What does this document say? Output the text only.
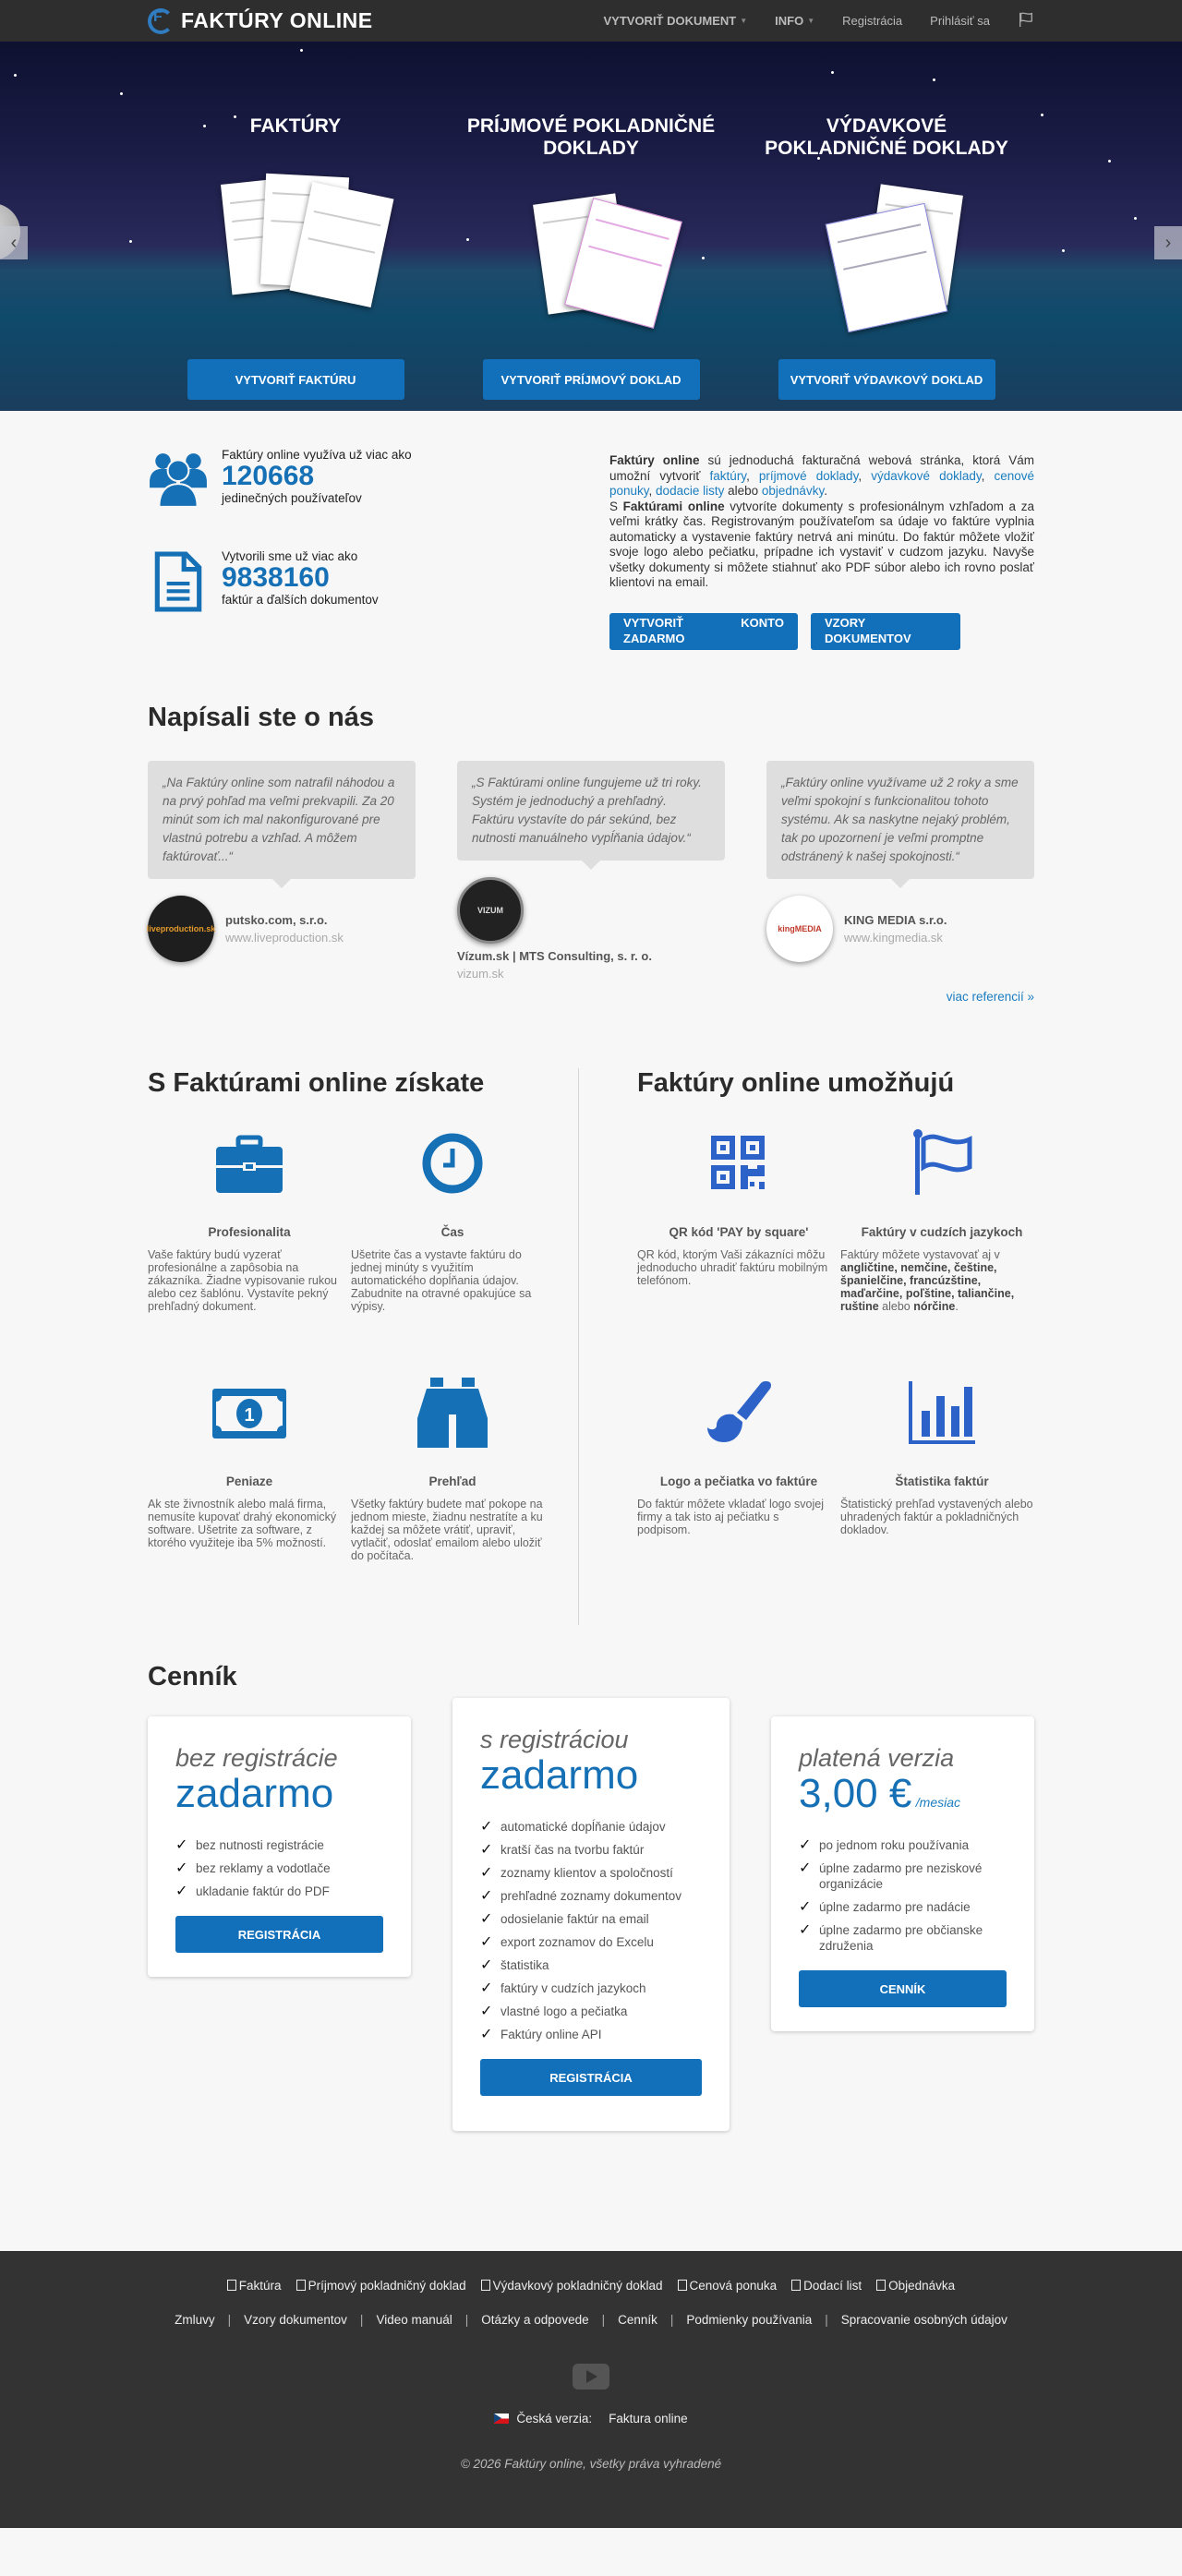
F
FAKTÚRY ONLINE	VYTVORIŤ DOKUMENT ▼ INFO ▼ Registrácia Prihlásiť sa
‹	›
FAKTÚRY
VYTVORIŤ FAKTÚRU
PRÍJMOVÉ POKLADNIČNÉ DOKLADY
VYTVORIŤ PRÍJMOVÝ DOKLAD
VÝDAVKOVÉ POKLADNIČNÉ DOKLADY
VYTVORIŤ VÝDAVKOVÝ DOKLAD
Faktúry online využíva už viac ako
120668
jedinečných používateľov
Vytvorili sme už viac ako
9838160
faktúr a ďalších dokumentov

Faktúry online sú jednoduchá fakturačná webová stránka, ktorá Vám umožní vytvoriť faktúry, príjmové doklady, výdavkové doklady, cenové ponuky, dodacie listy alebo objednávky.

S Faktúrami online vytvoríte dokumenty s profesionálnym vzhľadom a za veľmi krátky čas. Registrovaným používateľom sa údaje vo faktúre vyplnia automaticky a vystavenie faktúry netrvá ani minútu. Do faktúr môžete vložiť svoje logo alebo pečiatku, prípadne ich vystaviť v cudzom jazyku. Navyše všetky dokumenty si môžete stiahnuť ako PDF súbor alebo ich rovno poslať klientovi na email.

VYTVORIŤ KONTO ZADARMO
VZORY DOKUMENTOV
Napísali ste o nás
„Na Faktúry online som natrafil náhodou a na prvý pohľad ma veľmi prekvapili. Za 20 minút som ich mal nakonfigurované pre vlastnú potrebu a vzhľad. A môžem faktúrovať...“
liveproduction.sk
putsko.com, s.r.o.
www.liveproduction.sk
„S Faktúrami online fungujeme už tri roky. Systém je jednoduchý a prehľadný. Faktúru vystavíte do pár sekúnd, bez nutnosti manuálneho vypĺňania údajov.“
VIZUM
Vízum.sk | MTS Consulting, s. r. o.
vizum.sk
„Faktúry online využívame už 2 roky a sme veľmi spokojní s funkcionalitou tohoto systému. Ak sa naskytne nejaký problém, tak po upozornení je veľmi promptne odstránený k našej spokojnosti.“
kingMEDIA
KING MEDIA s.r.o.
www.kingmedia.sk
viac referencií »
S Faktúrami online získate
Profesionalita
Vaše faktúry budú vyzerať profesionálne a zapôsobia na zákazníka. Žiadne vypisovanie rukou alebo cez šablónu. Vystavíte pekný prehľadný dokument.
Čas
Ušetrite čas a vystavte faktúru do jednej minúty s využitím automatického dopĺňania údajov. Zabudnite na otravné opakujúce sa výpisy.
1
Peniaze
Ak ste živnostník alebo malá firma, nemusíte kupovať drahý ekonomický software. Ušetrite za software, z ktorého využiteje iba 5% možností.
Prehľad
Všetky faktúry budete mať pokope na jednom mieste, žiadnu nestratíte a ku každej sa môžete vrátiť, upraviť, vytlačiť, odoslať emailom alebo uložiť do počítača.
Faktúry online umožňujú
QR kód 'PAY by square'
QR kód, ktorým Vaši zákazníci môžu jednoducho uhradiť faktúru mobilným telefónom.
Faktúry v cudzích jazykoch
Faktúry môžete vystavovať aj v angličtine, nemčine, češtine, španielčine, francúzštine, maďarčine, poľštine, taliančine, ruštine alebo nórčine.
Logo a pečiatka vo faktúre
Do faktúr môžete vkladať logo svojej firmy a tak isto aj pečiatku s podpisom.
Štatistika faktúr
Štatistický prehľad vystavených alebo uhradených faktúr a pokladničných dokladov.
Cenník
bez registrácie
zadarmo
✓ bez nutnosti registrácie
✓ bez reklamy a vodotlače
✓ ukladanie faktúr do PDF
REGISTRÁCIA
s registráciou
zadarmo
✓ automatické dopĺňanie údajov
✓ kratší čas na tvorbu faktúr
✓ zoznamy klientov a spoločností
✓ prehľadné zoznamy dokumentov
✓ odosielanie faktúr na email
✓ export zoznamov do Excelu
✓ štatistika
✓ faktúry v cudzích jazykoch
✓ vlastné logo a pečiatka
✓ Faktúry online API
REGISTRÁCIA
platená verzia
3,00 € /mesiac
✓ po jednom roku používania
✓ úplne zadarmo pre neziskové organizácie
✓ úplne zadarmo pre nadácie
✓ úplne zadarmo pre občianske združenia
CENNÍK
Faktúra	Príjmový pokladničný doklad	Výdavkový pokladničný doklad	Cenová ponuka	Dodací list	Objednávka
Zmluvy | Vzory dokumentov | Video manuál | Otázky a odpovede | Cenník | Podmienky používania | Spracovanie osobných údajov
Česká verzia: Faktura online
© 2026 Faktúry online, všetky práva vyhradené
